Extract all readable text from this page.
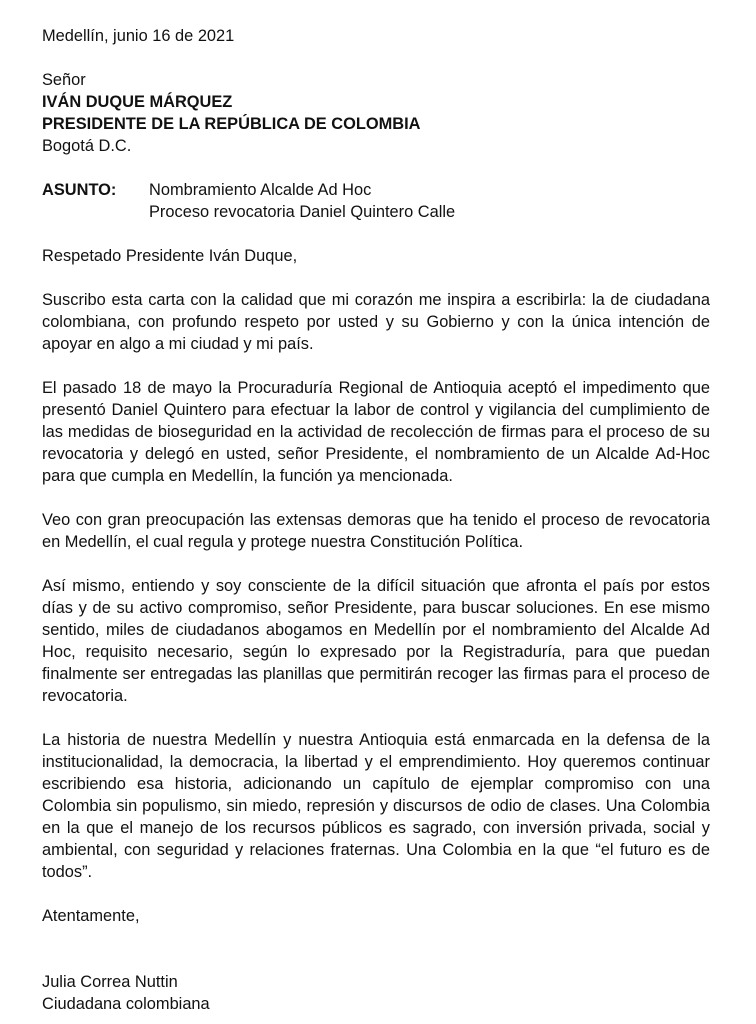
Medellín, junio 16 de 2021
Señor
IVÁN DUQUE MÁRQUEZ
PRESIDENTE DE LA REPÚBLICA DE COLOMBIA
Bogotá D.C.
ASUNTO: Nombramiento Alcalde Ad Hoc
Proceso revocatoria Daniel Quintero Calle
Respetado Presidente Iván Duque,
Suscribo esta carta con la calidad que mi corazón me inspira a escribirla: la de ciudadana colombiana, con profundo respeto por usted y su Gobierno y con la única intención de apoyar en algo a mi ciudad y mi país.
El pasado 18 de mayo la Procuraduría Regional de Antioquia aceptó el impedimento que presentó Daniel Quintero para efectuar la labor de control y vigilancia del cumplimiento de las medidas de bioseguridad en la actividad de recolección de firmas para el proceso de su revocatoria y delegó en usted, señor Presidente, el nombramiento de un Alcalde Ad-Hoc para que cumpla en Medellín, la función ya mencionada.
Veo con gran preocupación las extensas demoras que ha tenido el proceso de revocatoria en Medellín, el cual regula y protege nuestra Constitución Política.
Así mismo, entiendo y soy consciente de la difícil situación que afronta el país por estos días y de su activo compromiso, señor Presidente, para buscar soluciones. En ese mismo sentido, miles de ciudadanos abogamos en Medellín por el nombramiento del Alcalde Ad Hoc, requisito necesario, según lo expresado por la Registraduría, para que puedan finalmente ser entregadas las planillas que permitirán recoger las firmas para el proceso de revocatoria.
La historia de nuestra Medellín y nuestra Antioquia está enmarcada en la defensa de la institucionalidad, la democracia, la libertad y el emprendimiento. Hoy queremos continuar escribiendo esa historia, adicionando un capítulo de ejemplar compromiso con una Colombia sin populismo, sin miedo, represión y discursos de odio de clases. Una Colombia en la que el manejo de los recursos públicos es sagrado, con inversión privada, social y ambiental, con seguridad y relaciones fraternas. Una Colombia en la que “el futuro es de todos”.
Atentamente,
Julia Correa Nuttin
Ciudadana colombiana
